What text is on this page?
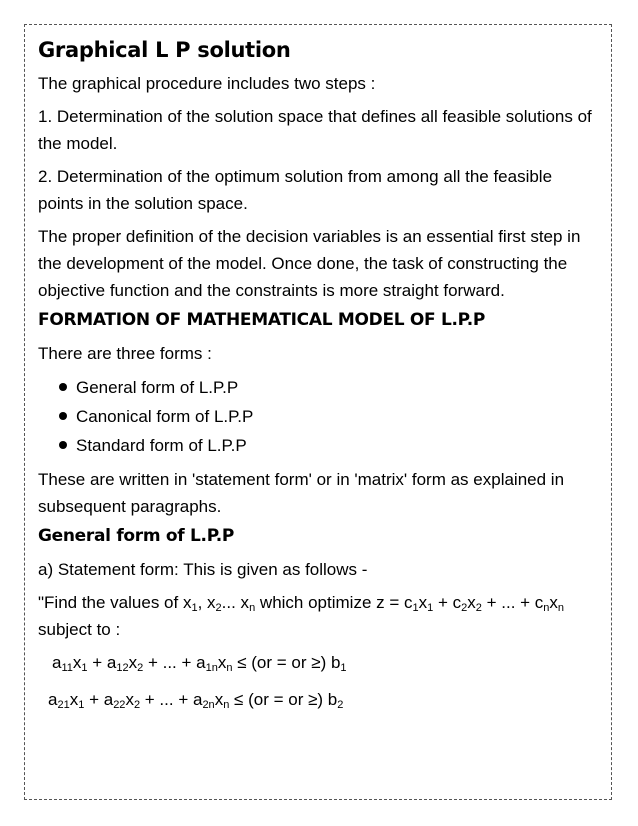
Graphical L P solution

The graphical procedure includes two steps :

1. Determination of the solution space that defines all feasible solutions of the model.

2. Determination of the optimum solution from among all the feasible points in the solution space.

The proper definition of the decision variables is an essential first step in the development of the model. Once done, the task of constructing the objective function and the constraints is more straight forward.

FORMATION OF MATHEMATICAL MODEL OF L.P.P

There are three forms :

General form of L.P.P
Canonical form of L.P.P
Standard form of L.P.P

These are written in 'statement form' or in 'matrix' form as explained in subsequent paragraphs.

General form of L.P.P

a) Statement form: This is given as follows -

"Find the values of $x_1$, $x_2$... $x_n$ which optimize $z = c_1x_1 + c_2x_2$ + ... + $c_nx_n$ subject to :

$a_{11}x_1 + a_{12}x_2$ + ... + $a_{1n}x_n \le (or$ = or ≥) $b_1$
$a_{21}x_1 + a_{22}x_2$ + ... + $a_{2n}x_n \le (or$ = or ≥) $b_2$
